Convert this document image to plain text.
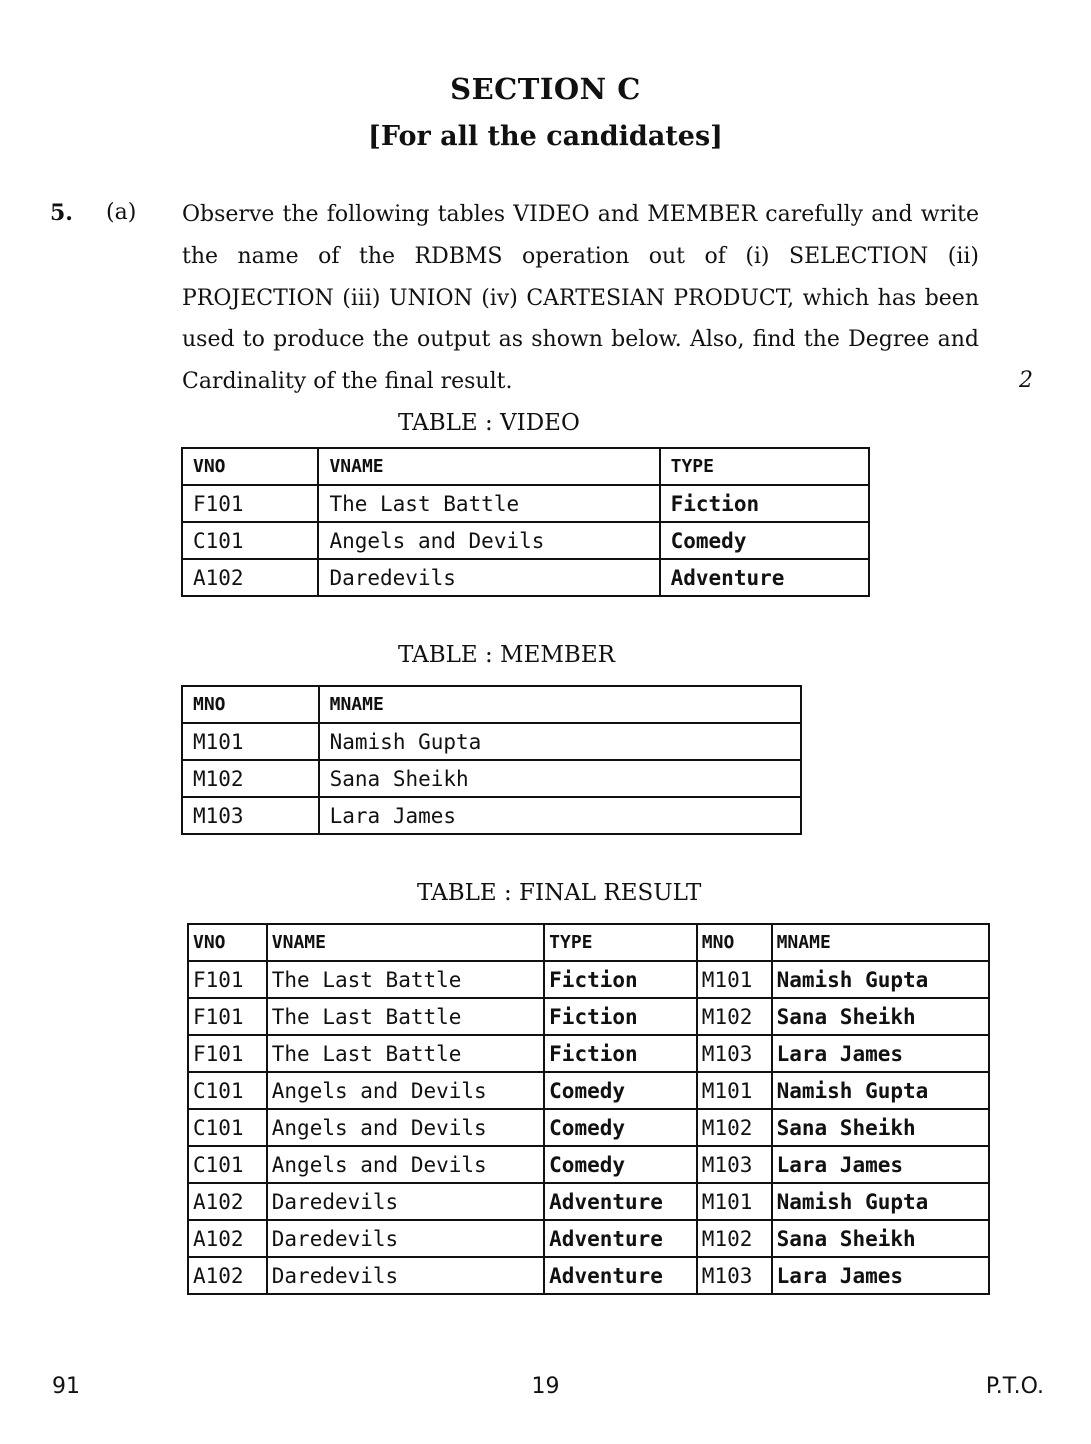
SECTION C
[For all the candidates]
5. (a) Observe the following tables VIDEO and MEMBER carefully and write the name of the RDBMS operation out of (i) SELECTION (ii) PROJECTION (iii) UNION (iv) CARTESIAN PRODUCT, which has been used to produce the output as shown below. Also, find the Degree and Cardinality of the final result.	2
TABLE : VIDEO
VNO	VNAME	TYPE
F101	The Last Battle	Fiction
C101	Angels and Devils	Comedy
A102	Daredevils	Adventure
TABLE : MEMBER
MNO	MNAME
M101	Namish Gupta
M102	Sana Sheikh
M103	Lara James
TABLE : FINAL RESULT
VNO	VNAME	TYPE	MNO	MNAME
F101	The Last Battle	Fiction	M101	Namish Gupta
F101	The Last Battle	Fiction	M102	Sana Sheikh
F101	The Last Battle	Fiction	M103	Lara James
C101	Angels and Devils	Comedy	M101	Namish Gupta
C101	Angels and Devils	Comedy	M102	Sana Sheikh
C101	Angels and Devils	Comedy	M103	Lara James
A102	Daredevils	Adventure	M101	Namish Gupta
A102	Daredevils	Adventure	M102	Sana Sheikh
A102	Daredevils	Adventure	M103	Lara James
91	19	P.T.O.
